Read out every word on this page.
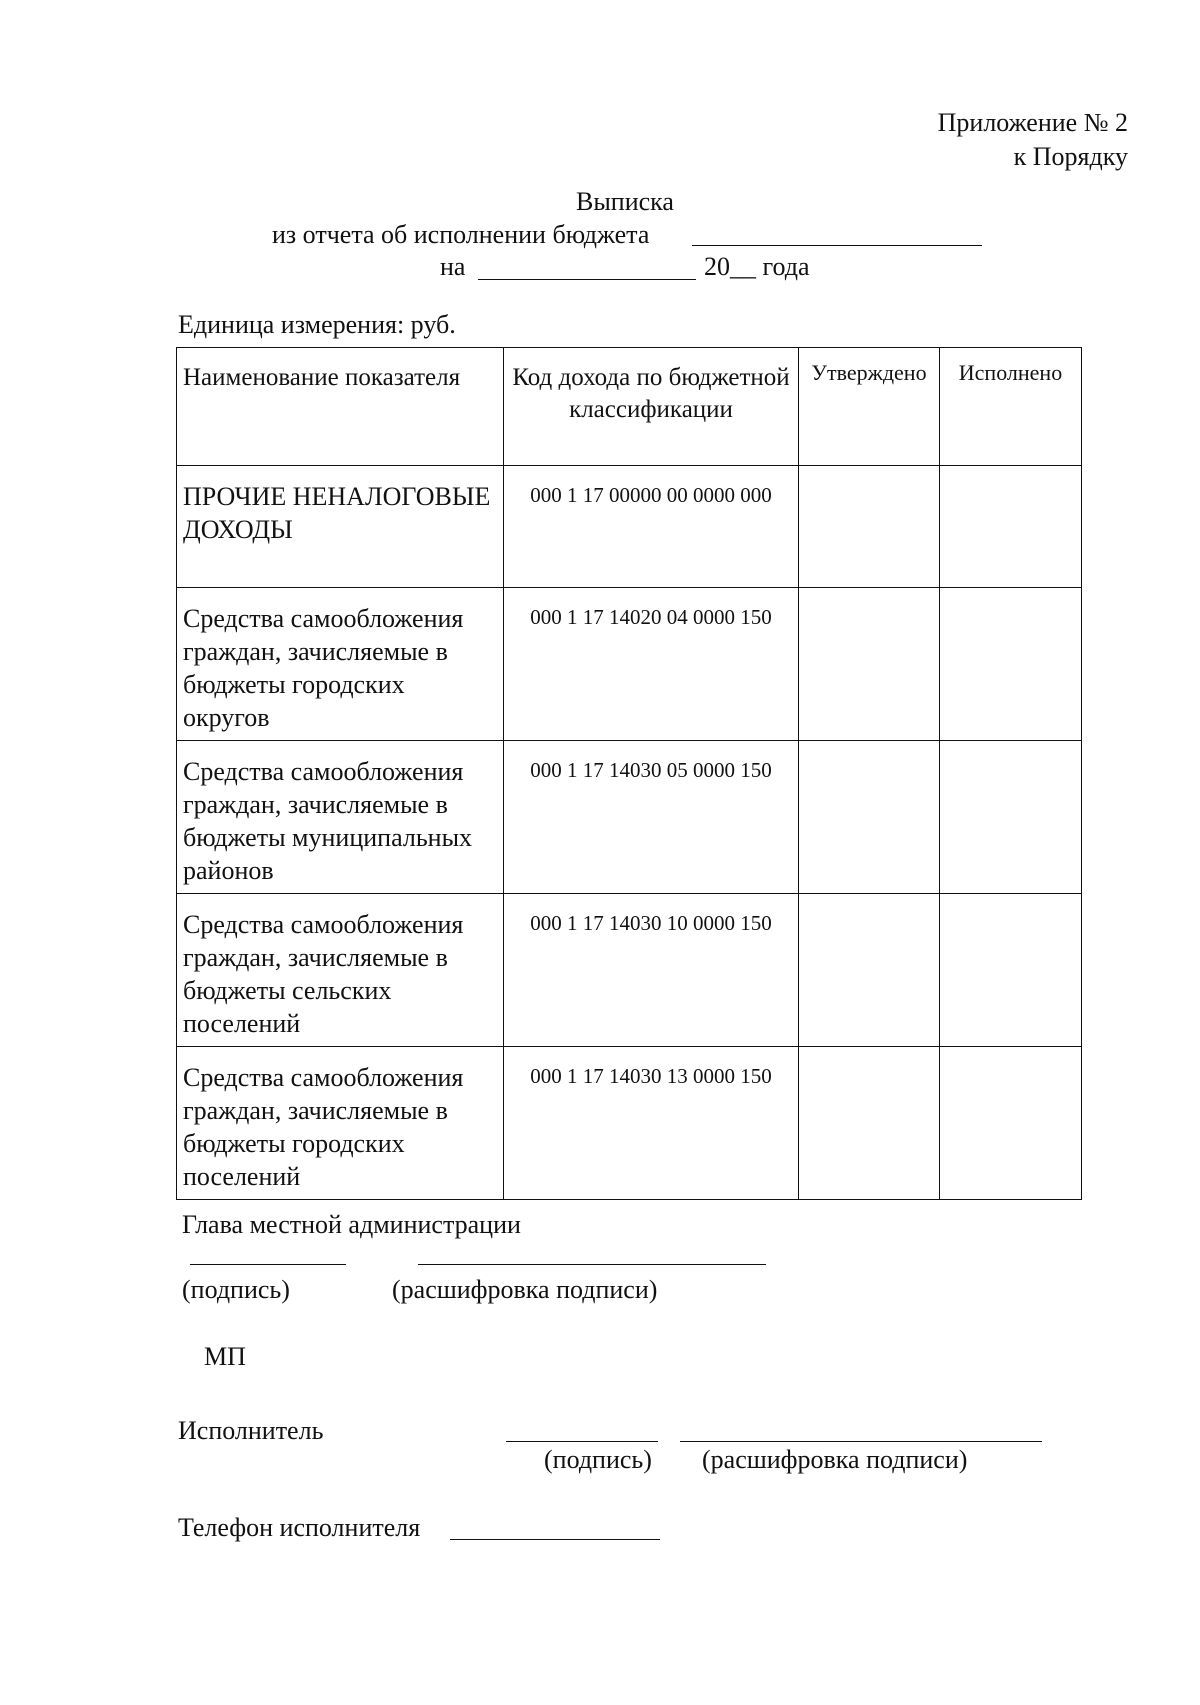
Приложение № 2
к Порядку
Выписка
из отчета об исполнении бюджета
на	20__ года
Единица измерения: руб.
Наименование показателя	Код дохода по бюджетной классификации	Утверждено	Исполнено
ПРОЧИЕ НЕНАЛОГОВЫЕ ДОХОДЫ	000 1 17 00000 00 0000 000		
Средства самообложения граждан, зачисляемые в бюджеты городских округов	000 1 17 14020 04 0000 150		
Средства самообложения граждан, зачисляемые в бюджеты муниципальных районов	000 1 17 14030 05 0000 150		
Средства самообложения граждан, зачисляемые в бюджеты сельских поселений	000 1 17 14030 10 0000 150		
Средства самообложения граждан, зачисляемые в бюджеты городских поселений	000 1 17 14030 13 0000 150		
Глава местной администрации
(подпись)	(расшифровка подписи)
МП
Исполнитель
(подпись) (расшифровка подписи)
Телефон исполнителя
